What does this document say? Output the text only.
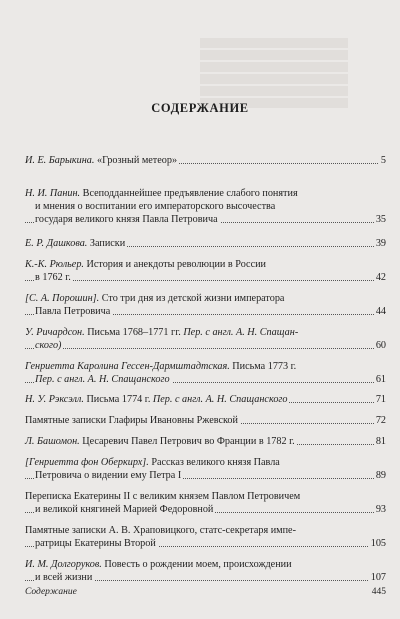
СОДЕРЖАНИЕ
И. Е. Барыкина. «Грозный метеор»	5
Н. И. Панин. Всеподданнейшее предъявление слабого понятия
и мнения о воспитании его императорского высочества
государя великого князя Павла Петровича	35
Е. Р. Дашкова. Записки	39
К.-К. Рюльер. История и анекдоты революции в России
в 1762 г.	42
[С. А. Порошин]. Сто три дня из детской жизни императора
Павла Петровича	44
У. Ричардсон. Письма 1768–1771 гг. Пер. с англ. А. Н. Спащан-
ского)	60
Генриетта Каролина Гессен-Дармштадтская. Письма 1773 г.
Пер. с англ. А. Н. Спащанского	61
Н. У. Рэксэлл. Письма 1774 г. Пер. с англ. А. Н. Спащанского	71
Памятные записки Глафиры Ивановны Ржевской	72
Л. Башомон. Цесаревич Павел Петрович во Франции в 1782 г.	81
[Генриетта фон Оберкирх]. Рассказ великого князя Павла
Петровича о видении ему Петра I	89
Переписка Екатерины II с великим князем Павлом Петровичем
и великой княгиней Марией Федоровной	93
Памятные записки А. В. Храповицкого, статс-секретаря импе-
ратрицы Екатерины Второй	105
И. М. Долгоруков. Повесть о рождении моем, происхождении
и всей жизни	107
Содержание	445
